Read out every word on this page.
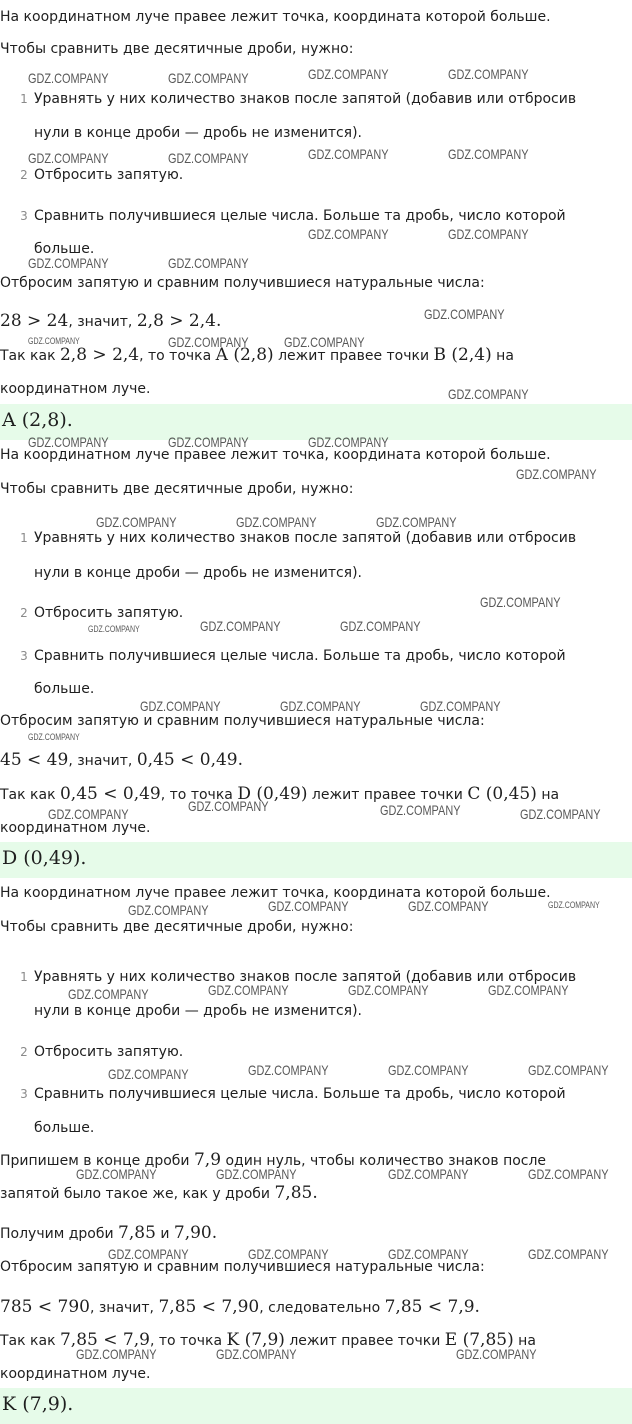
На координатном луче правее лежит точка, координата которой больше.
Чтобы сравнить две десятичные дроби, нужно:
1 Уравнять у них количество знаков после запятой (добавив или отбросив
нули в конце дроби — дробь не изменится).
2 Отбросить запятую.
3 Сравнить получившиеся целые числа. Больше та дробь, число которой
больше.
Отбросим запятую и сравним получившиеся натуральные числа:
28 > 24, значит, 2,8 > 2,4.
Так как 2,8 > 2,4, то точка A (2,8) лежит правее точки B (2,4) на
координатном луче.
A (2,8).
На координатном луче правее лежит точка, координата которой больше.
Чтобы сравнить две десятичные дроби, нужно:
1 Уравнять у них количество знаков после запятой (добавив или отбросив
нули в конце дроби — дробь не изменится).
2 Отбросить запятую.
3 Сравнить получившиеся целые числа. Больше та дробь, число которой
больше.
Отбросим запятую и сравним получившиеся натуральные числа:
45 < 49, значит, 0,45 < 0,49.
Так как 0,45 < 0,49, то точка D (0,49) лежит правее точки C (0,45) на
координатном луче.
D (0,49).
На координатном луче правее лежит точка, координата которой больше.
Чтобы сравнить две десятичные дроби, нужно:
1 Уравнять у них количество знаков после запятой (добавив или отбросив
нули в конце дроби — дробь не изменится).
2 Отбросить запятую.
3 Сравнить получившиеся целые числа. Больше та дробь, число которой
больше.
Припишем в конце дроби 7,9 один нуль, чтобы количество знаков после
запятой было такое же, как у дроби 7,85.
Получим дроби 7,85 и 7,90.
Отбросим запятую и сравним получившиеся натуральные числа:
785 < 790, значит, 7,85 < 7,90, следовательно 7,85 < 7,9.
Так как 7,85 < 7,9, то точка K (7,9) лежит правее точки E (7,85) на
координатном луче.
K (7,9).
GDZ.COMPANY	GDZ.COMPANY	GDZ.COMPANY	GDZ.COMPANY
GDZ.COMPANY	GDZ.COMPANY	GDZ.COMPANY	GDZ.COMPANY
GDZ.COMPANY	GDZ.COMPANY
GDZ.COMPANY	GDZ.COMPANY
GDZ.COMPANY
GDZ.COMPANY	GDZ.COMPANY	GDZ.COMPANY
GDZ.COMPANY
GDZ.COMPANY	GDZ.COMPANY	GDZ.COMPANY
GDZ.COMPANY
GDZ.COMPANY	GDZ.COMPANY	GDZ.COMPANY
GDZ.COMPANY
GDZ.COMPANY	GDZ.COMPANY	GDZ.COMPANY
GDZ.COMPANY	GDZ.COMPANY	GDZ.COMPANY
GDZ.COMPANY
GDZ.COMPANY	GDZ.COMPANY
GDZ.COMPANY	GDZ.COMPANY
GDZ.COMPANY	GDZ.COMPANY	GDZ.COMPANY	GDZ.COMPANY
GDZ.COMPANY	GDZ.COMPANY	GDZ.COMPANY	GDZ.COMPANY
GDZ.COMPANY	GDZ.COMPANY	GDZ.COMPANY	GDZ.COMPANY
GDZ.COMPANY	GDZ.COMPANY	GDZ.COMPANY	GDZ.COMPANY
GDZ.COMPANY	GDZ.COMPANY	GDZ.COMPANY	GDZ.COMPANY
GDZ.COMPANY	GDZ.COMPANY	GDZ.COMPANY
